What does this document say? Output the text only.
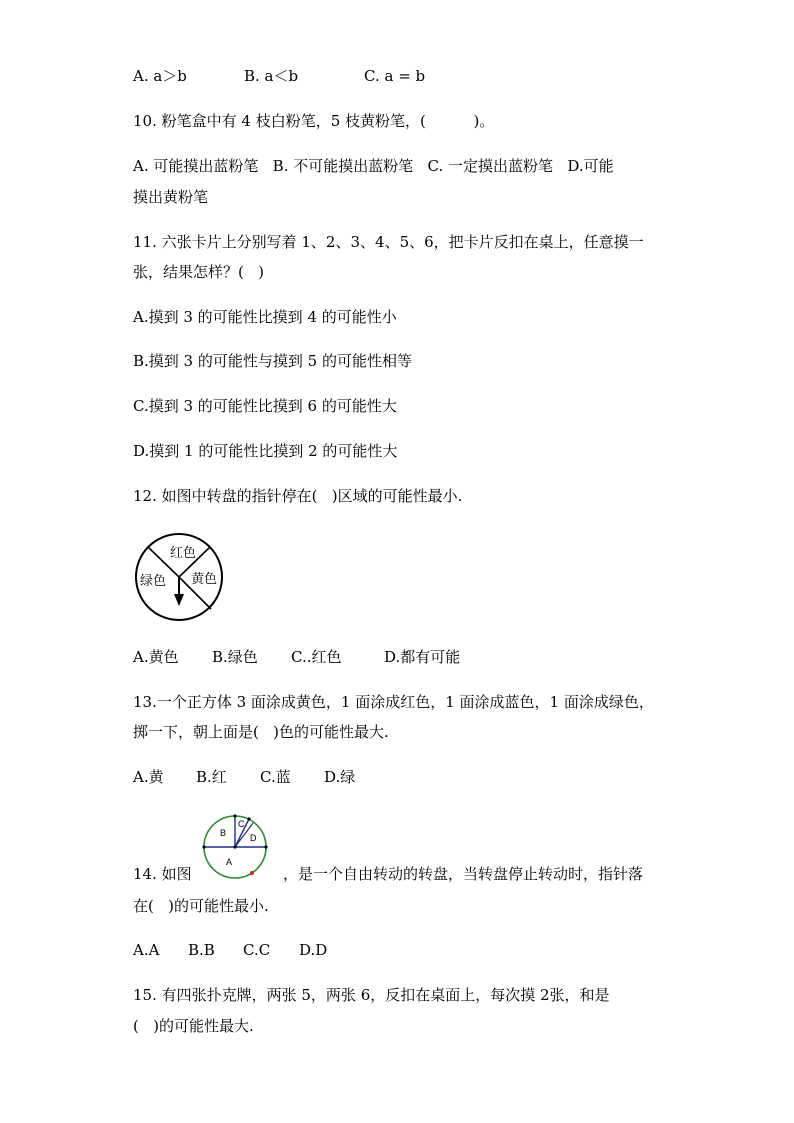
A. a＞b	B. a＜b	C. a = b
10. 粉笔盒中有 4 枝白粉笔，5 枝黄粉笔，(          )。
A. 可能摸出蓝粉笔   B. 不可能摸出蓝粉笔   C. 一定摸出蓝粉笔   D.可能
摸出黄粉笔
11. 六张卡片上分别写着 1、2、3、4、5、6，把卡片反扣在桌上，任意摸一
张，结果怎样？(   )
A.摸到 3 的可能性比摸到 4 的可能性小
B.摸到 3 的可能性与摸到 5 的可能性相等
C.摸到 3 的可能性比摸到 6 的可能性大
D.摸到 1 的可能性比摸到 2 的可能性大
12. 如图中转盘的指针停在(   )区域的可能性最小.
红色
绿色 黄色
A.黄色 B.绿色 C..红色	D.都有可能
13.一个正方体 3 面涂成黄色，1 面涂成红色，1 面涂成蓝色，1 面涂成绿色，
掷一下，朝上面是(   )色的可能性最大.
A.黄 B.红 C.蓝 D.绿
14. 如图
A
B
C
D
，是一个自由转动的转盘，当转盘停止转动时，指针落
在(   )的可能性最小.
A.A B.B C.C D.D
15. 有四张扑克牌，两张 5，两张 6，反扣在桌面上，每次摸 2张，和是
(   )的可能性最大.
